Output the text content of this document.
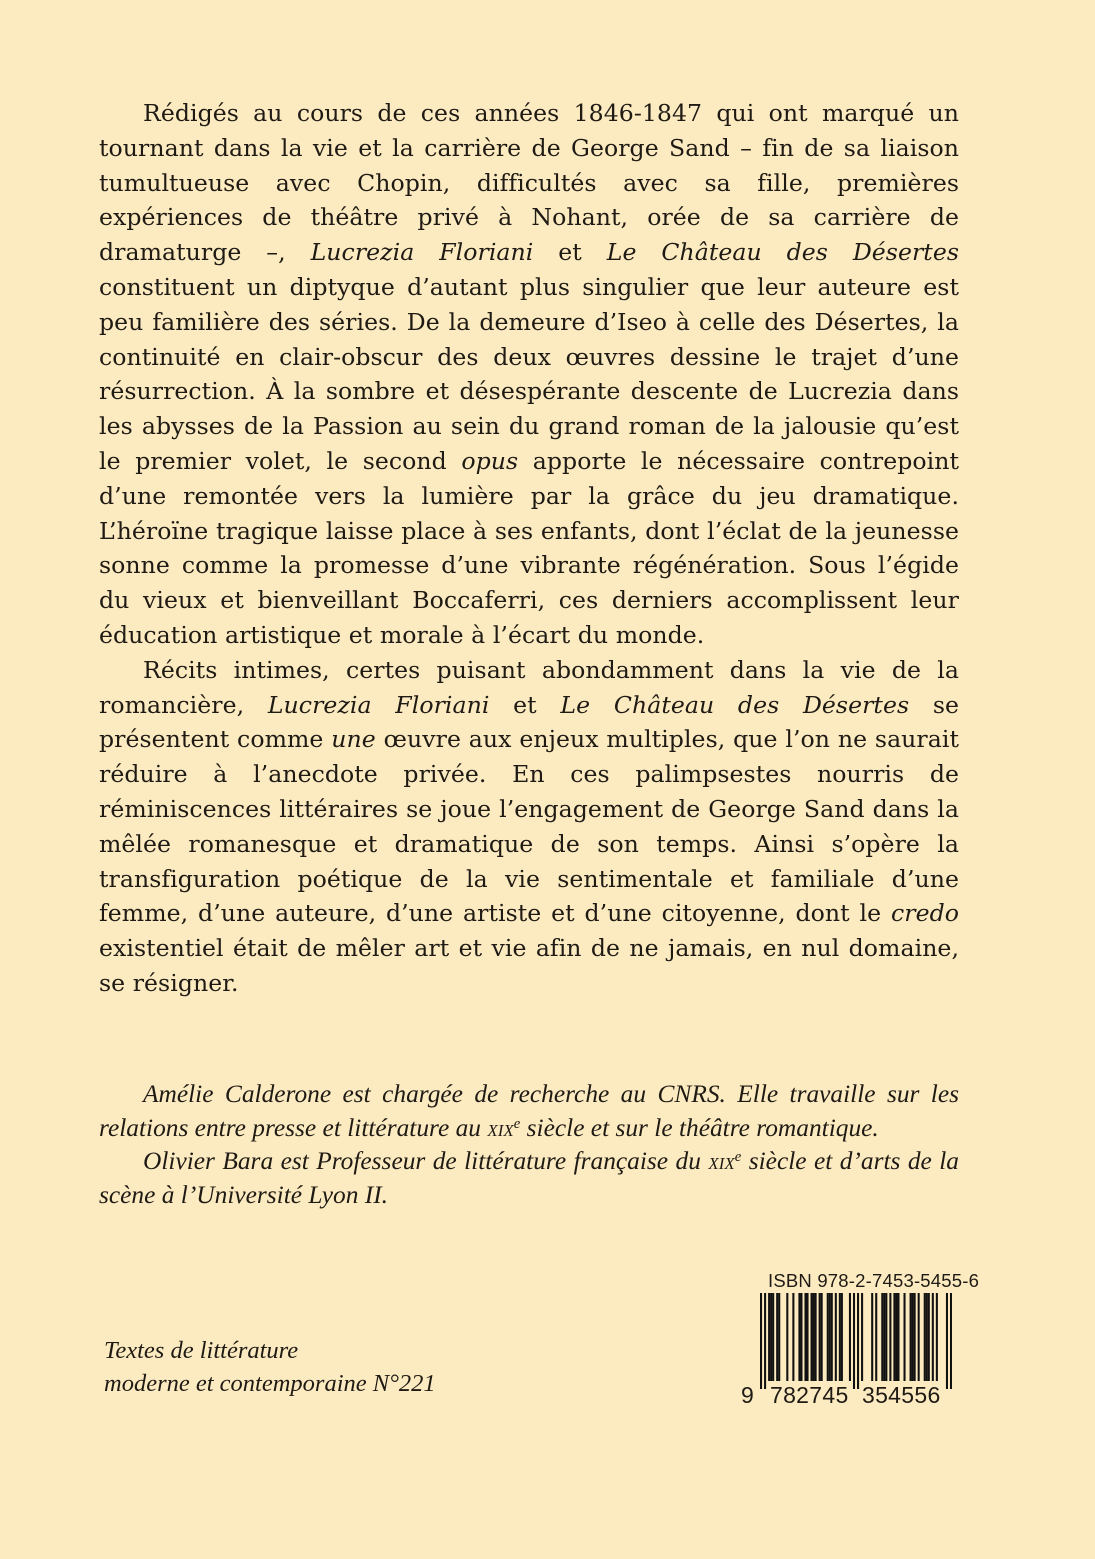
Rédigés au cours de ces années 1846-1847 qui ont marqué un tournant dans la vie et la carrière de George Sand – fin de sa liaison tumultueuse avec Chopin, difficultés avec sa fille, premières expériences de théâtre privé à Nohant, orée de sa carrière de dramaturge –, Lucrezia Floriani et Le Château des Désertes constituent un diptyque d’autant plus singulier que leur auteure est peu familière des séries. De la demeure d’Iseo à celle des Désertes, la continuité en clair-obscur des deux œuvres dessine le trajet d’une résurrection. À la sombre et désespérante descente de Lucrezia dans les abysses de la Passion au sein du grand roman de la jalousie qu’est le premier volet, le second opus apporte le nécessaire contrepoint d’une remontée vers la lumière par la grâce du jeu dramatique. L’héroïne tragique laisse place à ses enfants, dont l’éclat de la jeunesse sonne comme la promesse d’une vibrante régénération. Sous l’égide du vieux et bienveillant Boccaferri, ces derniers accomplissent leur éducation artistique et morale à l’écart du monde.

Récits intimes, certes puisant abondamment dans la vie de la romancière, Lucrezia Floriani et Le Château des Désertes se présentent comme une œuvre aux enjeux multiples, que l’on ne saurait réduire à l’anecdote privée. En ces palimpsestes nourris de réminiscences littéraires se joue l’engagement de George Sand dans la mêlée romanesque et dramatique de son temps. Ainsi s’opère la transfiguration poétique de la vie sentimentale et familiale d’une femme, d’une auteure, d’une artiste et d’une citoyenne, dont le credo existentiel était de mêler art et vie afin de ne jamais, en nul domaine, se résigner.

Amélie Calderone est chargée de recherche au CNRS. Elle travaille sur les relations entre presse et littérature au xix$^e$ siècle et sur le théâtre romantique.

Olivier Bara est Professeur de littérature française du xix$^e$ siècle et d’arts de la scène à l’Université Lyon II.

Textes de littérature
moderne et contemporaine N°221
ISBN 978-2-7453-5455-6
9 782745 354556
